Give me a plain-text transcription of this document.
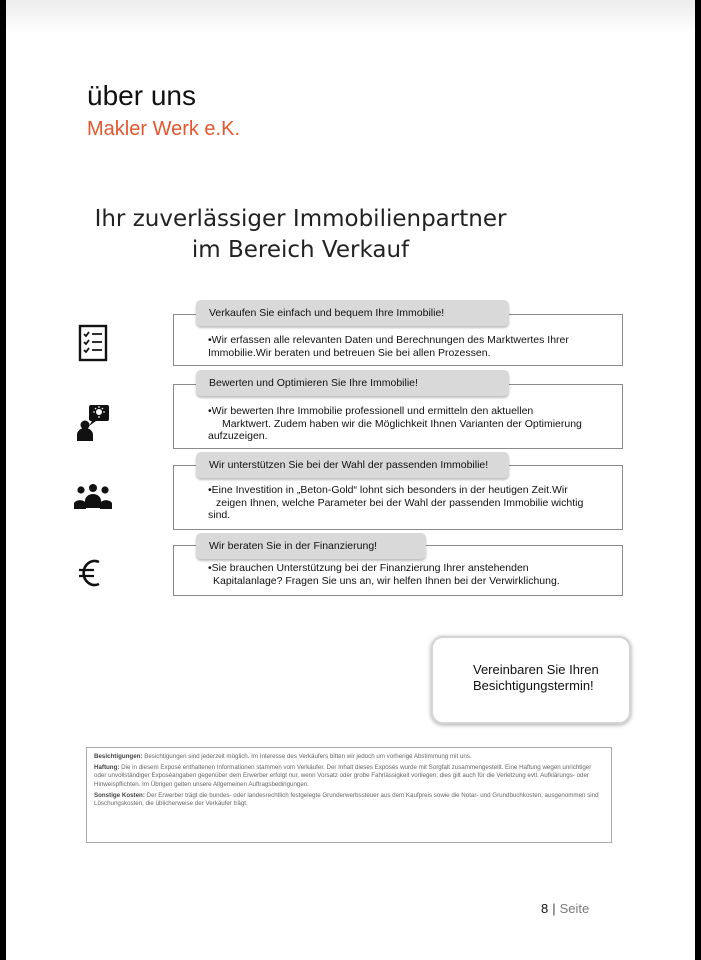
über uns
Makler Werk e.K.
Ihr zuverlässiger Immobilienpartner
im Bereich Verkauf
•Wir erfassen alle relevanten Daten und Berechnungen des Marktwertes Ihrer
Immobilie.Wir beraten und betreuen Sie bei allen Prozessen.
Verkaufen Sie einfach und bequem Ihre Immobilie!
•Wir bewerten Ihre Immobilie professionell und ermitteln den aktuellen
Marktwert. Zudem haben wir die Möglichkeit Ihnen Varianten der Optimierung
aufzuzeigen.
Bewerten und Optimieren Sie Ihre Immobilie!
•Eine Investition in „Beton-Gold“ lohnt sich besonders in der heutigen Zeit.Wir
zeigen Ihnen, welche Parameter bei der Wahl der passenden Immobilie wichtig
sind.
Wir unterstützen Sie bei der Wahl der passenden Immobilie!
•Sie brauchen Unterstützung bei der Finanzierung Ihrer anstehenden
Kapitalanlage? Fragen Sie uns an, wir helfen Ihnen bei der Verwirklichung.
Wir beraten Sie in der Finanzierung!
Vereinbaren Sie Ihren
Besichtigungstermin!

Besichtigungen: Besichtigungen sind jederzeit möglich. Im Interesse des Verkäufers bitten wir jedoch um vorherige Abstimmung mit uns.

Haftung: Die in diesem Exposé enthaltenen Informationen stammen vom Verkäufer. Der Inhalt dieses Exposés wurde mit Sorgfalt zusammengestellt. Eine Haftung wegen unrichtiger oder unvollständiger Exposéangaben gegenüber dem Erwerber erfolgt nur, wenn Vorsatz oder grobe Fahrlässigkeit vorliegen; dies gilt auch für die Verletzung evtl. Aufklärungs- oder Hinweispflichten. Im Übrigen gelten unsere Allgemeinen Auftragsbedingungen.

Sonstige Kosten: Der Erwerber trägt die bundes- oder landesrechtlich festgelegte Grunderwerbssteuer aus dem Kaufpreis sowie die Notar- und Grundbuchkosten; ausgenommen sind Löschungskosten, die üblicherweise der Verkäufer trägt.

8 | Seite
